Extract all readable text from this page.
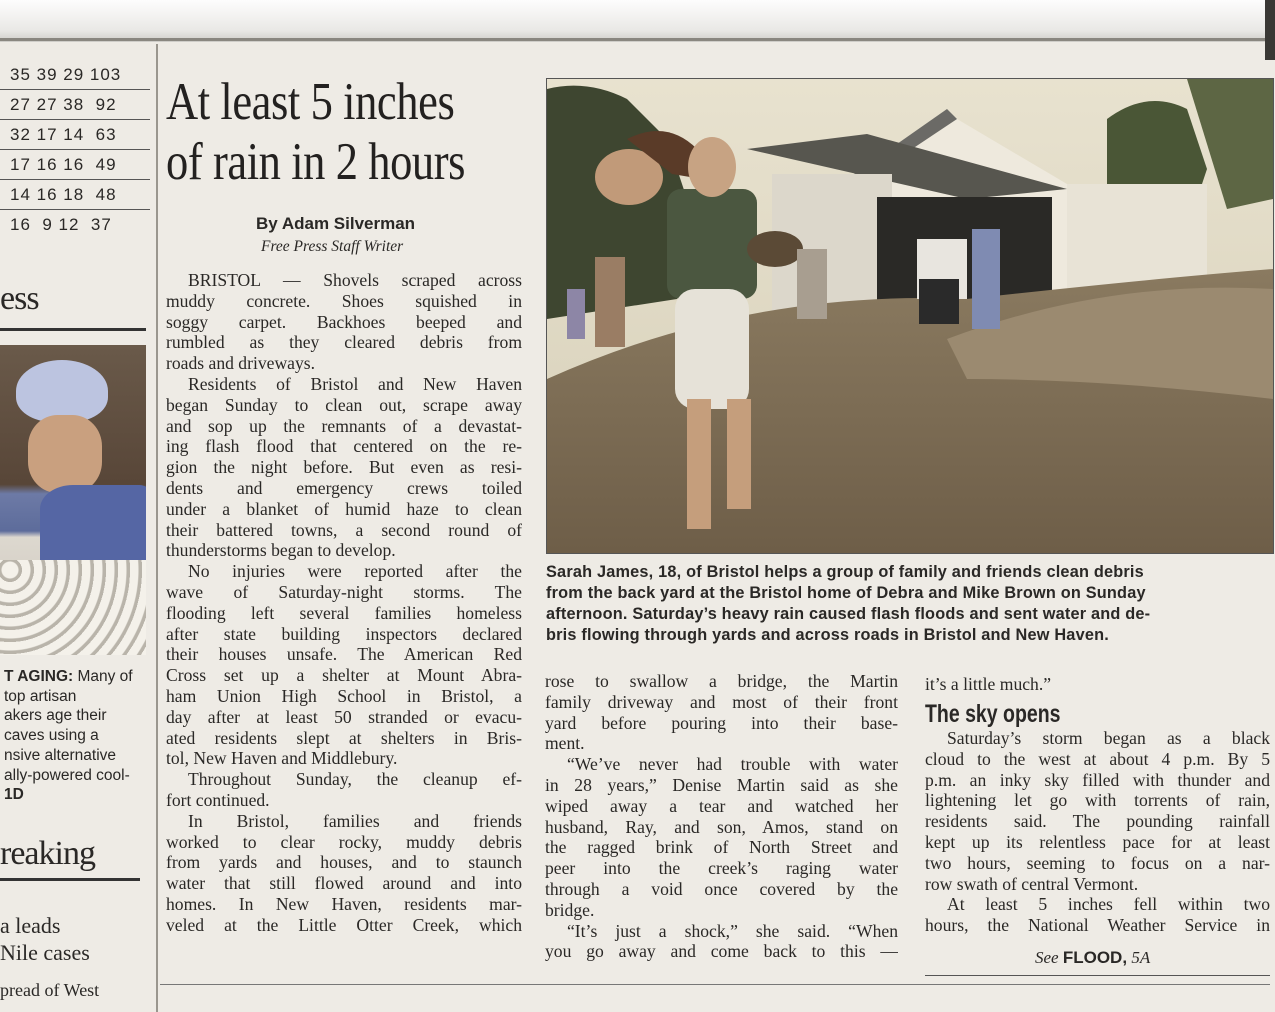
35 39 29 103
27 27 38  92
32 17 14  63
17 16 16  49
14 16 18  48
16  9 12  37
ess
T AGING: Many of
top artisan
akers age their
caves using a
nsive alternative
ally-powered cool-
1D
reaking
a leads
Nile cases
pread of West
At least 5 inches
of rain in 2 hours
By Adam Silverman
Free Press Staff Writer
BRISTOL — Shovels scraped across
muddy concrete. Shoes squished in
soggy carpet. Backhoes beeped and
rumbled as they cleared debris from
roads and driveways.
Residents of Bristol and New Haven
began Sunday to clean out, scrape away
and sop up the remnants of a devastat-
ing flash flood that centered on the re-
gion the night before. But even as resi-
dents and emergency crews toiled
under a blanket of humid haze to clean
their battered towns, a second round of
thunderstorms began to develop.
No injuries were reported after the
wave of Saturday-night storms. The
flooding left several families homeless
after state building inspectors declared
their houses unsafe. The American Red
Cross set up a shelter at Mount Abra-
ham Union High School in Bristol, a
day after at least 50 stranded or evacu-
ated residents slept at shelters in Bris-
tol, New Haven and Middlebury.
Throughout Sunday, the cleanup ef-
fort continued.
In Bristol, families and friends
worked to clear rocky, muddy debris
from yards and houses, and to staunch
water that still flowed around and into
homes. In New Haven, residents mar-
veled at the Little Otter Creek, which
Sarah James, 18, of Bristol helps a group of family and friends clean debris
from the back yard at the Bristol home of Debra and Mike Brown on Sunday
afternoon. Saturday’s heavy rain caused flash floods and sent water and de-
bris flowing through yards and across roads in Bristol and New Haven.
rose to swallow a bridge, the Martin
family driveway and most of their front
yard before pouring into their base-
ment.
“We’ve never had trouble with water
in 28 years,” Denise Martin said as she
wiped away a tear and watched her
husband, Ray, and son, Amos, stand on
the ragged brink of North Street and
peer into the creek’s raging water
through a void once covered by the
bridge.
“It’s just a shock,” she said. “When
you go away and come back to this —
it’s a little much.”
The sky opens
Saturday’s storm began as a black
cloud to the west at about 4 p.m. By 5
p.m. an inky sky filled with thunder and
lightening let go with torrents of rain,
residents said. The pounding rainfall
kept up its relentless pace for at least
two hours, seeming to focus on a nar-
row swath of central Vermont.
At least 5 inches fell within two
hours, the National Weather Service in
See FLOOD, 5A
